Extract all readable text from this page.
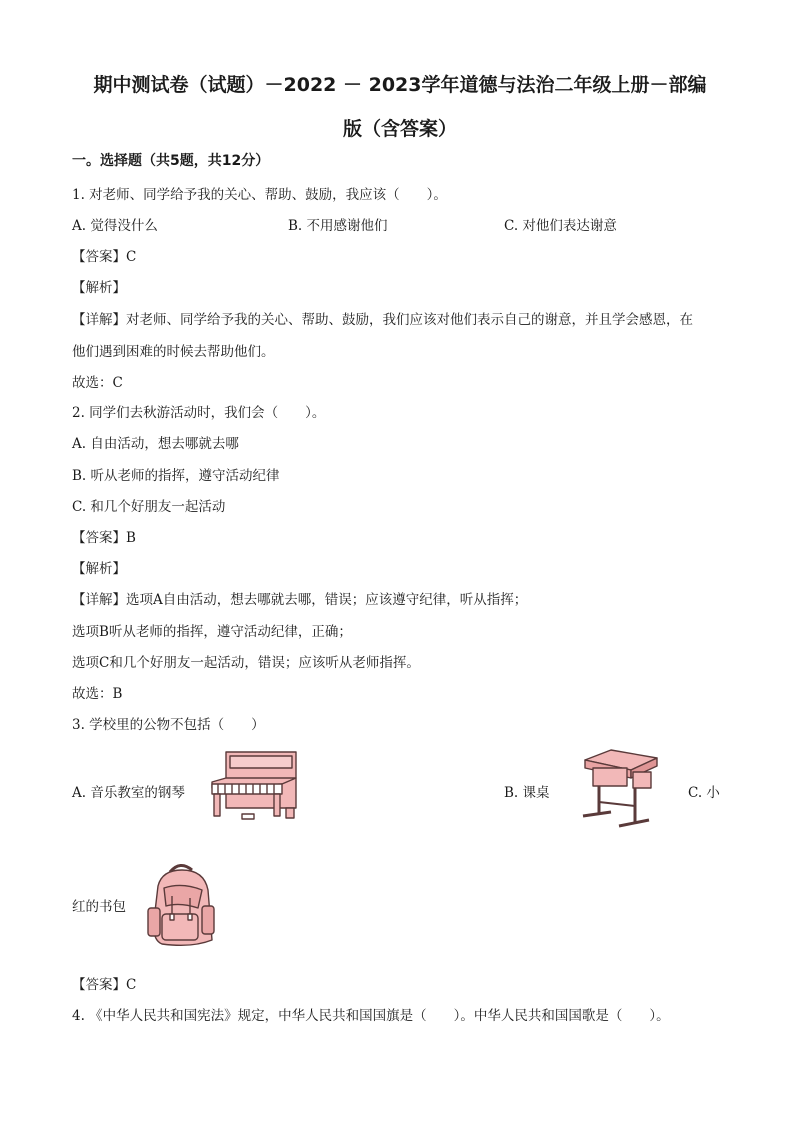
期中测试卷（试题）－2022 － 2023学年道德与法治二年级上册－部编
版（含答案）
一。选择题（共5题，共12分）
1. 对老师、同学给予我的关心、帮助、鼓励，我应该（　　）。
A. 觉得没什么	B. 不用感谢他们	C. 对他们表达谢意
【答案】C
【解析】
【详解】对老师、同学给予我的关心、帮助、鼓励，我们应该对他们表示自己的谢意，并且学会感恩，在
他们遇到困难的时候去帮助他们。
故选：C
2. 同学们去秋游活动时，我们会（　　）。
A. 自由活动，想去哪就去哪
B. 听从老师的指挥，遵守活动纪律
C. 和几个好朋友一起活动
【答案】B
【解析】
【详解】选项A自由活动，想去哪就去哪，错误；应该遵守纪律，听从指挥；
选项B听从老师的指挥，遵守活动纪律，正确；
选项C和几个好朋友一起活动，错误；应该听从老师指挥。
故选：B
3. 学校里的公物不包括（　　）
A. 音乐教室的钢琴	B. 课桌	C. 小
红的书包
【答案】C
4. 《中华人民共和国宪法》规定，中华人民共和国国旗是（　　）。中华人民共和国国歌是（　　）。
